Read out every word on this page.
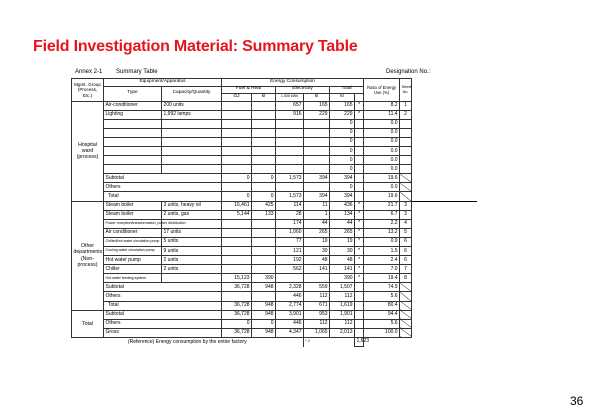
Field Investigation Material: Summary Table
Annex 2-1 Summary Table	Designation No.:
Mgmt. Group (Process, Etc.)	Equipment/Apparatus		Energy Consumption						Ratio of Energy Use (%)	Sheet No.
	Type	Capacity/Quantity	Fuel & Heat		Electricity		Total			
			GJ	kl	1,000 kWh	kl	kl			
Hospital ward (process)	Air-conditioner	200 units			657	165	165	*	8.2	1
	Lighting	1,992 lamps			916	229	229	*	11.4	2
							0		0.0	
							0		0.0	
							0		0.0	
							0		0.0	
							0		0.0	
							0		0.0	
	Subtotal		0	0	1,573	394	394		19.6	
	Others						0		0.0	
	Total		0	0	1,573	394	394		19.6	
Other departments (Non-process)	Steam boiler	3 units, heavy oil	16,461	425	114	11	436	*	21.7	3
	Steam boiler	2 units, gas	5,144	133	28	1	134	*	6.7	3
	Power reception/transformation, power distribution				174	44	44	*	2.2	4
	Air conditioner	17 units			1,060	265	265	*	13.2	5
	Chilled/hot water circulation pump	5 units			77	19	19	*	0.9	6
	Cooling water circulation pump	9 units			121	30	30	*	1.5	6
	Hot water pump	2 units			192	48	48	*	2.4	6
	Chiller	2 units			562	141	141	*	7.0	7
	Hot water feeding system		15,123	390			390	*	19.4	8
	Subtotal		36,728	948	2,328	559	1,507		74.9	
	Others				446	112	112		5.6	
	Total		36,728	948	2,774	671	1,619		80.4	
Total	Subtotal		36,728	948	3,901	953	1,901		94.4	
	Others		0	0	446	112	112		5.6	
	Gross		36,728	948	4,347	1,065	2,013		100.0	
(Reference) Energy consumption by the entire factory						* 2		1,623		
36
